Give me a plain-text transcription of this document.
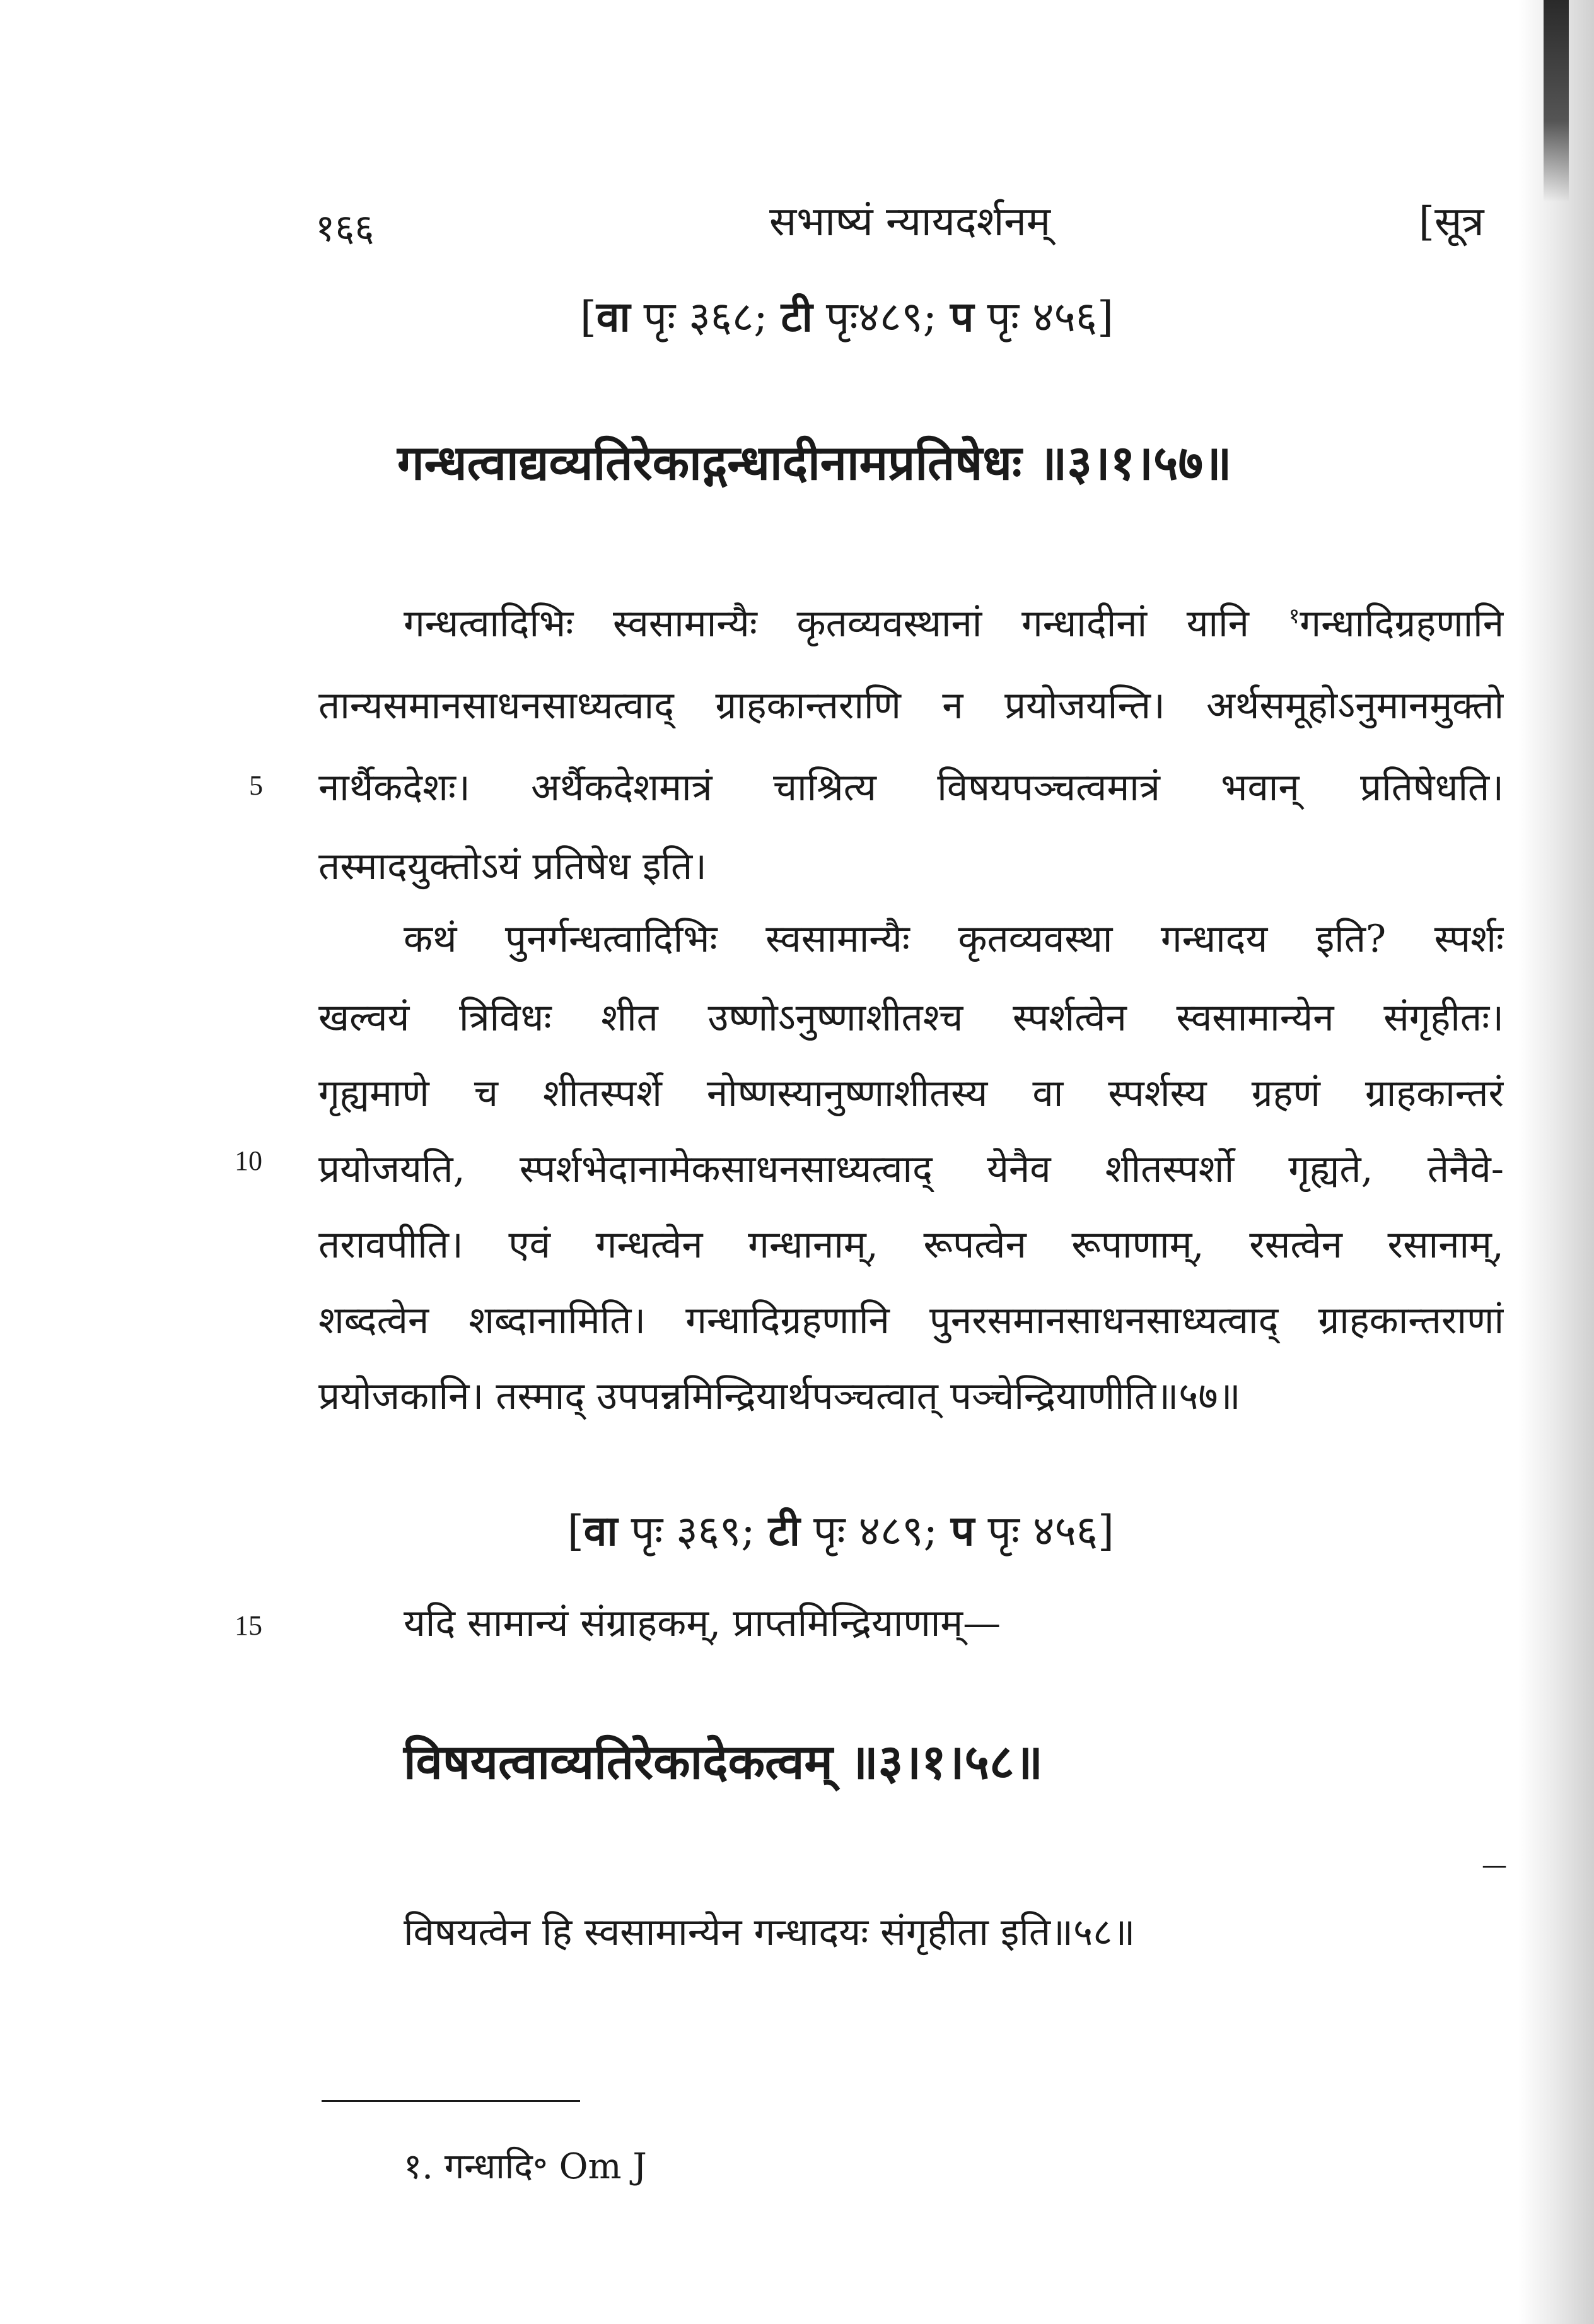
१६६	सभाष्यं न्यायदर्शनम्	[सूत्र
[वा पृः ३६८; टी पृः४८९; प पृः ४५६]
गन्धत्वाद्यव्यतिरेकाद्गन्धादीनामप्रतिषेधः ॥३।१।५७॥
गन्धत्वादिभिः स्वसामान्यैः कृतव्यवस्थानां गन्धादीनां यानि $^१$गन्धादिग्रहणानि
तान्यसमानसाधनसाध्यत्वाद् ग्राहकान्तराणि न प्रयोजयन्ति। अर्थसमूहोऽनुमानमुक्तो
नार्थैकदेशः। अर्थैकदेशमात्रं चाश्रित्य विषयपञ्चत्वमात्रं भवान् प्रतिषेधति।
तस्मादयुक्तोऽयं प्रतिषेध इति।
5
कथं पुनर्गन्धत्वादिभिः स्वसामान्यैः कृतव्यवस्था गन्धादय इति? स्पर्शः
खल्वयं त्रिविधः शीत उष्णोऽनुष्णाशीतश्च स्पर्शत्वेन स्वसामान्येन संगृहीतः।
गृह्यमाणे च शीतस्पर्शे नोष्णस्यानुष्णाशीतस्य वा स्पर्शस्य ग्रहणं ग्राहकान्तरं
प्रयोजयति, स्पर्शभेदानामेकसाधनसाध्यत्वाद् येनैव शीतस्पर्शो गृह्यते, तेनैवे-
तरावपीति। एवं गन्धत्वेन गन्धानाम्, रूपत्वेन रूपाणाम्, रसत्वेन रसानाम्,
शब्दत्वेन शब्दानामिति। गन्धादिग्रहणानि पुनरसमानसाधनसाध्यत्वाद् ग्राहकान्तराणां
प्रयोजकानि। तस्माद् उपपन्नमिन्द्रियार्थपञ्चत्वात् पञ्चेन्द्रियाणीति॥५७॥
10
[वा पृः ३६९; टी पृः ४८९; प पृः ४५६]
यदि सामान्यं संग्राहकम्, प्राप्तमिन्द्रियाणाम्—
15
विषयत्वाव्यतिरेकादेकत्वम् ॥३।१।५८॥
—
विषयत्वेन हि स्वसामान्येन गन्धादयः संगृहीता इति॥५८॥
१. गन्धादि॰ Om J
